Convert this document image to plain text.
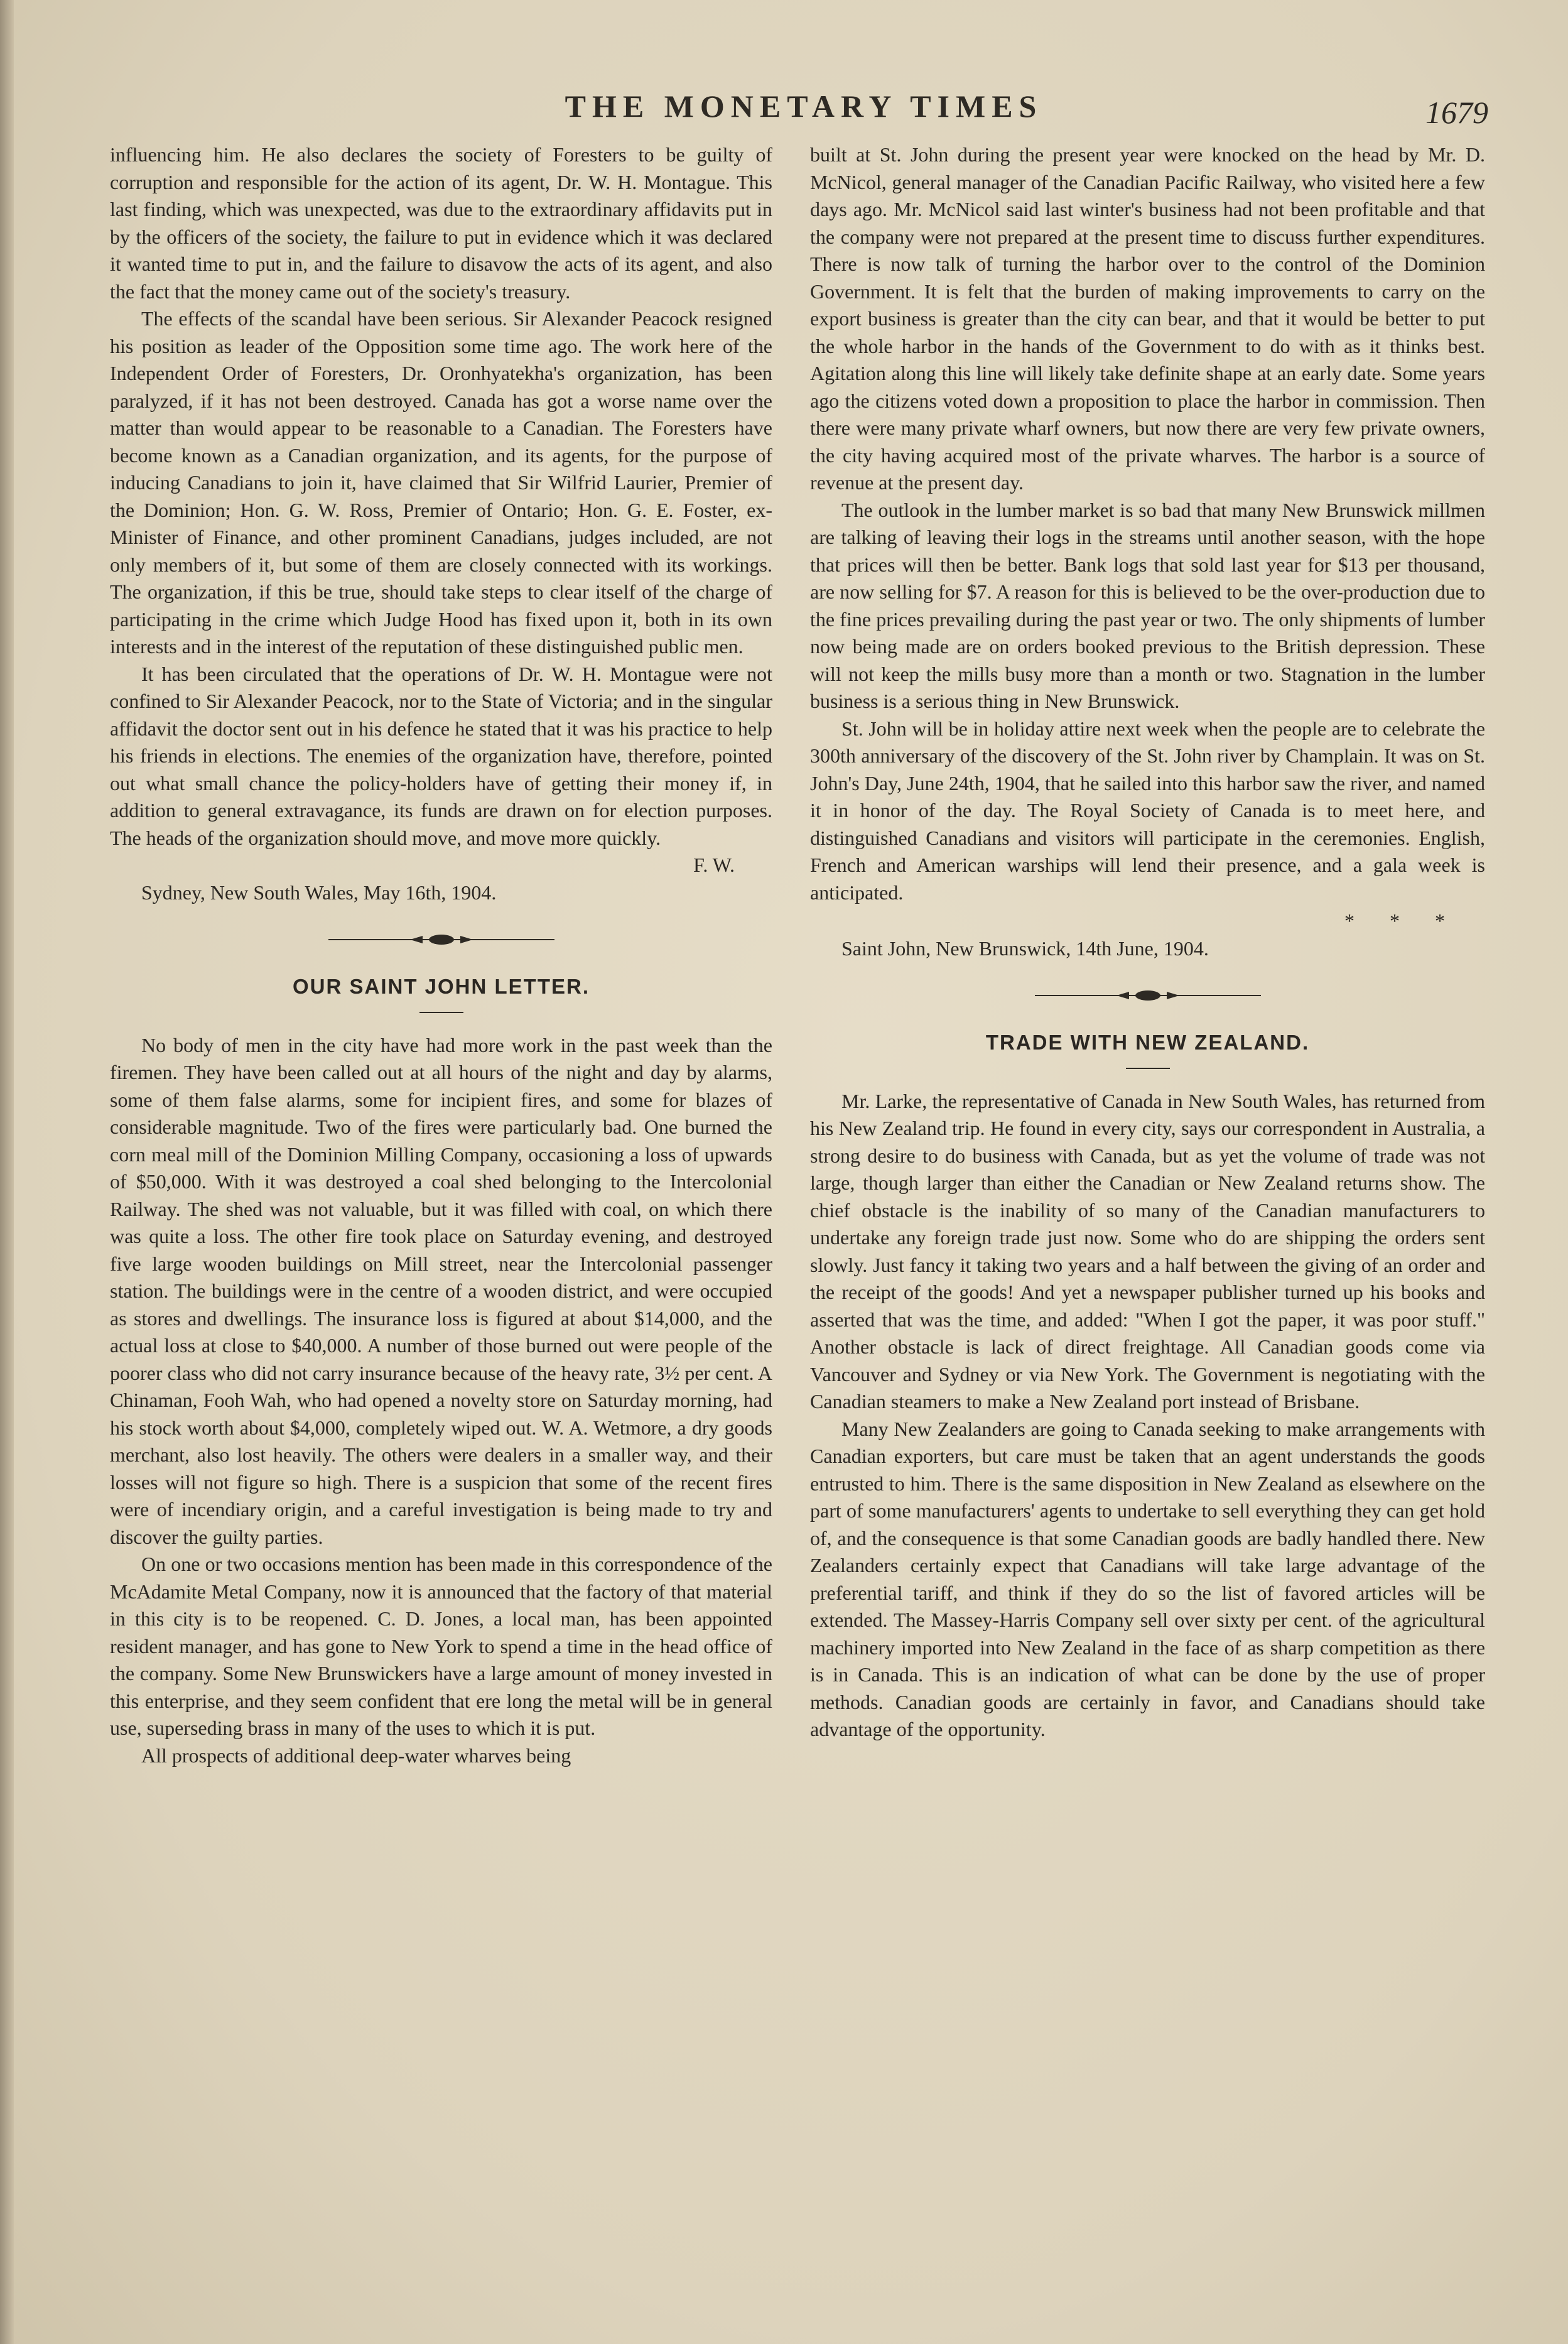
THE MONETARY TIMES	1679

influencing him. He also declares the society of Foresters to be guilty of corruption and responsible for the action of its agent, Dr. W. H. Montague. This last finding, which was unexpected, was due to the extraordinary affidavits put in by the officers of the society, the failure to put in evidence which it was declared it wanted time to put in, and the failure to disavow the acts of its agent, and also the fact that the money came out of the society's treasury.

The effects of the scandal have been serious. Sir Alexander Peacock resigned his position as leader of the Opposition some time ago. The work here of the Independent Order of Foresters, Dr. Oronhyatekha's organization, has been paralyzed, if it has not been destroyed. Canada has got a worse name over the matter than would appear to be reasonable to a Canadian. The Foresters have become known as a Canadian organization, and its agents, for the purpose of inducing Canadians to join it, have claimed that Sir Wilfrid Laurier, Premier of the Dominion; Hon. G. W. Ross, Premier of Ontario; Hon. G. E. Foster, ex-Minister of Finance, and other prominent Canadians, judges included, are not only members of it, but some of them are closely connected with its workings. The organization, if this be true, should take steps to clear itself of the charge of participating in the crime which Judge Hood has fixed upon it, both in its own interests and in the interest of the reputation of these distinguished public men.

It has been circulated that the operations of Dr. W. H. Montague were not confined to Sir Alexander Peacock, nor to the State of Victoria; and in the singular affidavit the doctor sent out in his defence he stated that it was his practice to help his friends in elections. The enemies of the organization have, therefore, pointed out what small chance the policy-holders have of getting their money if, in addition to general extravagance, its funds are drawn on for election purposes. The heads of the organization should move, and move more quickly.

F. W.

Sydney, New South Wales, May 16th, 1904.

OUR SAINT JOHN LETTER.

No body of men in the city have had more work in the past week than the firemen. They have been called out at all hours of the night and day by alarms, some of them false alarms, some for incipient fires, and some for blazes of considerable magnitude. Two of the fires were particularly bad. One burned the corn meal mill of the Dominion Milling Company, occasioning a loss of upwards of $50,000. With it was destroyed a coal shed belonging to the Intercolonial Railway. The shed was not valuable, but it was filled with coal, on which there was quite a loss. The other fire took place on Saturday evening, and destroyed five large wooden buildings on Mill street, near the Intercolonial passenger station. The buildings were in the centre of a wooden district, and were occupied as stores and dwellings. The insurance loss is figured at about $14,000, and the actual loss at close to $40,000. A number of those burned out were people of the poorer class who did not carry insurance because of the heavy rate, 3½ per cent. A Chinaman, Fooh Wah, who had opened a novelty store on Saturday morning, had his stock worth about $4,000, completely wiped out. W. A. Wetmore, a dry goods merchant, also lost heavily. The others were dealers in a smaller way, and their losses will not figure so high. There is a suspicion that some of the recent fires were of incendiary origin, and a careful investigation is being made to try and discover the guilty parties.

On one or two occasions mention has been made in this correspondence of the McAdamite Metal Company, now it is announced that the factory of that material in this city is to be reopened. C. D. Jones, a local man, has been appointed resident manager, and has gone to New York to spend a time in the head office of the company. Some New Brunswickers have a large amount of money invested in this enterprise, and they seem confident that ere long the metal will be in general use, superseding brass in many of the uses to which it is put.

All prospects of additional deep-water wharves being

built at St. John during the present year were knocked on the head by Mr. D. McNicol, general manager of the Canadian Pacific Railway, who visited here a few days ago. Mr. McNicol said last winter's business had not been profitable and that the company were not prepared at the present time to discuss further expenditures. There is now talk of turning the harbor over to the control of the Dominion Government. It is felt that the burden of making improvements to carry on the export business is greater than the city can bear, and that it would be better to put the whole harbor in the hands of the Government to do with as it thinks best. Agitation along this line will likely take definite shape at an early date. Some years ago the citizens voted down a proposition to place the harbor in commission. Then there were many private wharf owners, but now there are very few private owners, the city having acquired most of the private wharves. The harbor is a source of revenue at the present day.

The outlook in the lumber market is so bad that many New Brunswick millmen are talking of leaving their logs in the streams until another season, with the hope that prices will then be better. Bank logs that sold last year for $13 per thousand, are now selling for $7. A reason for this is believed to be the over-production due to the fine prices prevailing during the past year or two. The only shipments of lumber now being made are on orders booked previous to the British depression. These will not keep the mills busy more than a month or two. Stagnation in the lumber business is a serious thing in New Brunswick.

St. John will be in holiday attire next week when the people are to celebrate the 300th anniversary of the discovery of the St. John river by Champlain. It was on St. John's Day, June 24th, 1904, that he sailed into this harbor saw the river, and named it in honor of the day. The Royal Society of Canada is to meet here, and distinguished Canadians and visitors will participate in the ceremonies. English, French and American warships will lend their presence, and a gala week is anticipated.

* * *

Saint John, New Brunswick, 14th June, 1904.

TRADE WITH NEW ZEALAND.

Mr. Larke, the representative of Canada in New South Wales, has returned from his New Zealand trip. He found in every city, says our correspondent in Australia, a strong desire to do business with Canada, but as yet the volume of trade was not large, though larger than either the Canadian or New Zealand returns show. The chief obstacle is the inability of so many of the Canadian manufacturers to undertake any foreign trade just now. Some who do are shipping the orders sent slowly. Just fancy it taking two years and a half between the giving of an order and the receipt of the goods! And yet a newspaper publisher turned up his books and asserted that was the time, and added: "When I got the paper, it was poor stuff." Another obstacle is lack of direct freightage. All Canadian goods come via Vancouver and Sydney or via New York. The Government is negotiating with the Canadian steamers to make a New Zealand port instead of Brisbane.

Many New Zealanders are going to Canada seeking to make arrangements with Canadian exporters, but care must be taken that an agent understands the goods entrusted to him. There is the same disposition in New Zealand as elsewhere on the part of some manufacturers' agents to undertake to sell everything they can get hold of, and the consequence is that some Canadian goods are badly handled there. New Zealanders certainly expect that Canadians will take large advantage of the preferential tariff, and think if they do so the list of favored articles will be extended. The Massey-Harris Company sell over sixty per cent. of the agricultural machinery imported into New Zealand in the face of as sharp competition as there is in Canada. This is an indication of what can be done by the use of proper methods. Canadian goods are certainly in favor, and Canadians should take advantage of the opportunity.
